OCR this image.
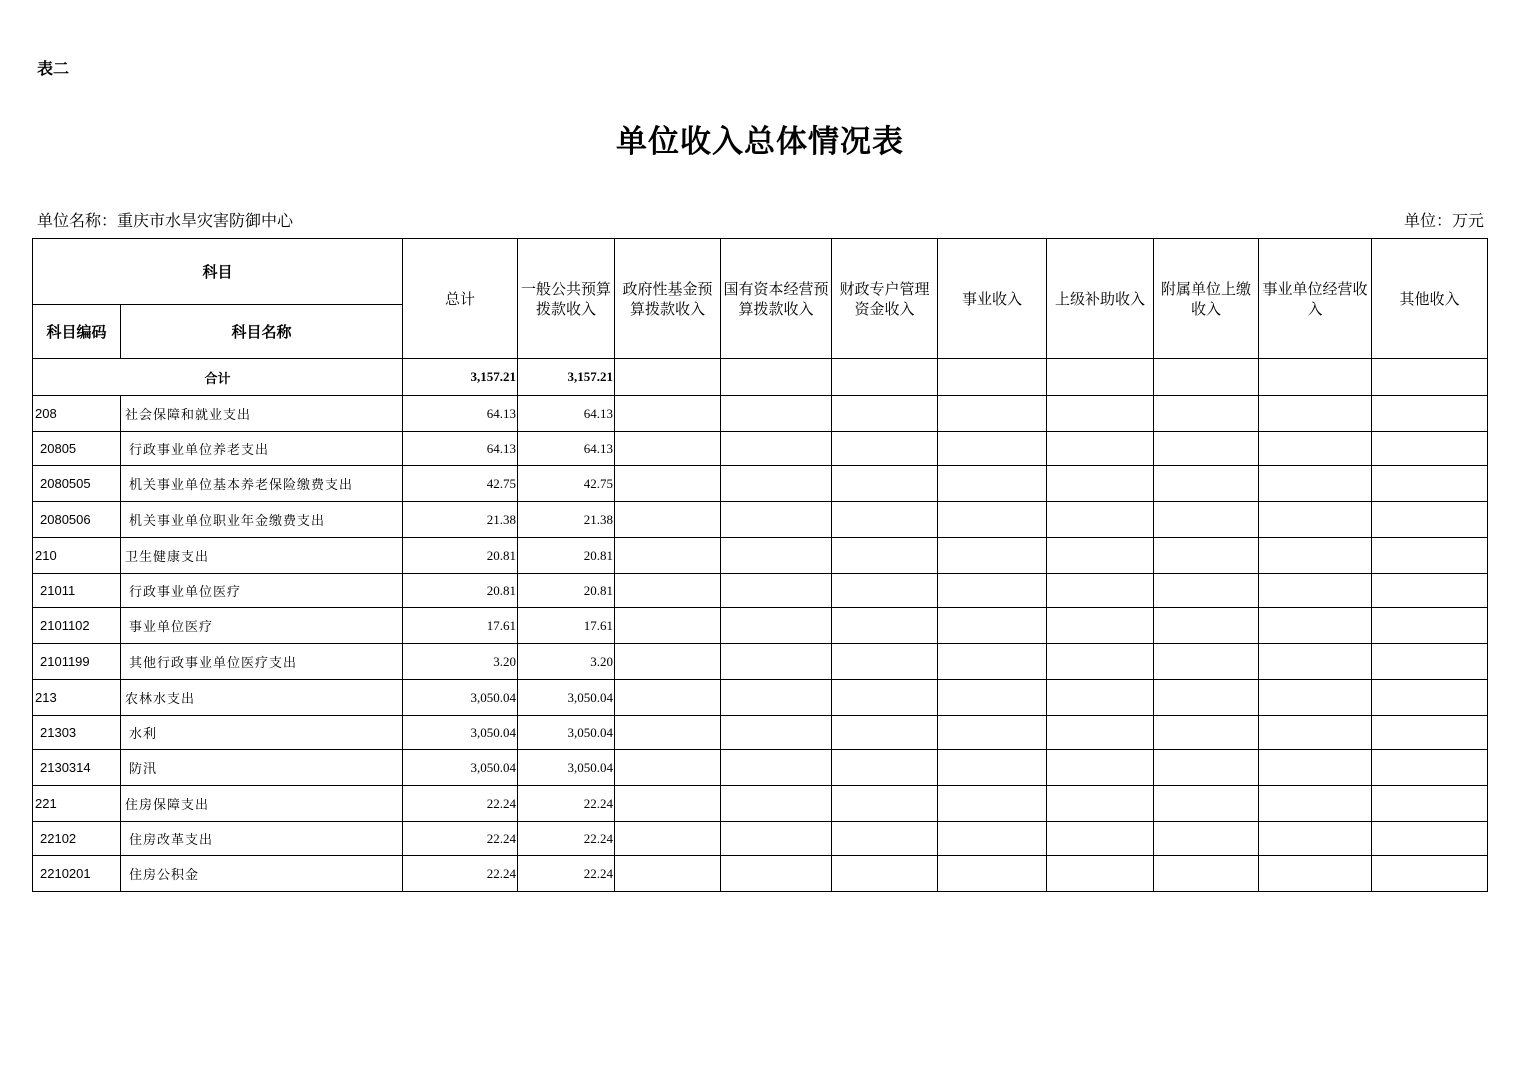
表二
单位收入总体情况表
单位名称：重庆市水旱灾害防御中心	单位：万元
科目		总计	一般公共预算拨款收入	政府性基金预算拨款收入	国有资本经营预算拨款收入	财政专户管理资金收入	事业收入	上级补助收入	附属单位上缴收入	事业单位经营收入	其他收入
科目编码	科目名称										
合计		3,157.21	3,157.21								
208	社会保障和就业支出	64.13	64.13								
20805	行政事业单位养老支出	64.13	64.13								
2080505	机关事业单位基本养老保险缴费支出	42.75	42.75								
2080506	机关事业单位职业年金缴费支出	21.38	21.38								
210	卫生健康支出	20.81	20.81								
21011	行政事业单位医疗	20.81	20.81								
2101102	事业单位医疗	17.61	17.61								
2101199	其他行政事业单位医疗支出	3.20	3.20								
213	农林水支出	3,050.04	3,050.04								
21303	水利	3,050.04	3,050.04								
2130314	防汛	3,050.04	3,050.04								
221	住房保障支出	22.24	22.24								
22102	住房改革支出	22.24	22.24								
2210201	住房公积金	22.24	22.24								
